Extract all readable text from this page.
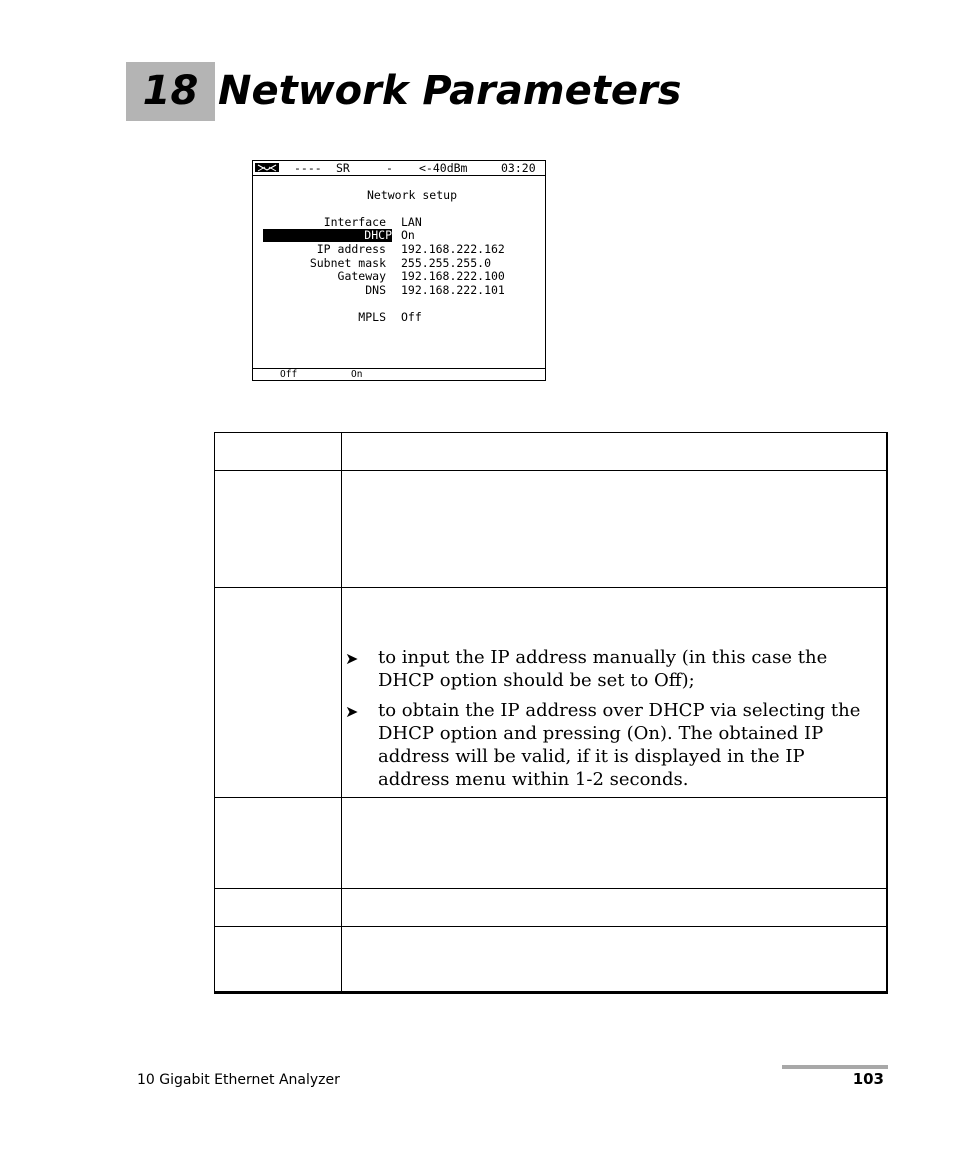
18 Network Parameters
---- SR	- <-40dBm	03:20
Network setup
Interface LAN
DHCP On
IP address 192.168.222.162
Subnet mask 255.255.255.0
Gateway 192.168.222.100
DNS 192.168.222.101
MPLS Off
Off	On
➤ to input the IP address manually (in this case the DHCP option should be set to Off);
➤ to obtain the IP address over DHCP via selecting the DHCP option and pressing (On). The obtained IP address will be valid, if it is displayed in the IP address menu within 1-2 seconds.
10 Gigabit Ethernet Analyzer	103
